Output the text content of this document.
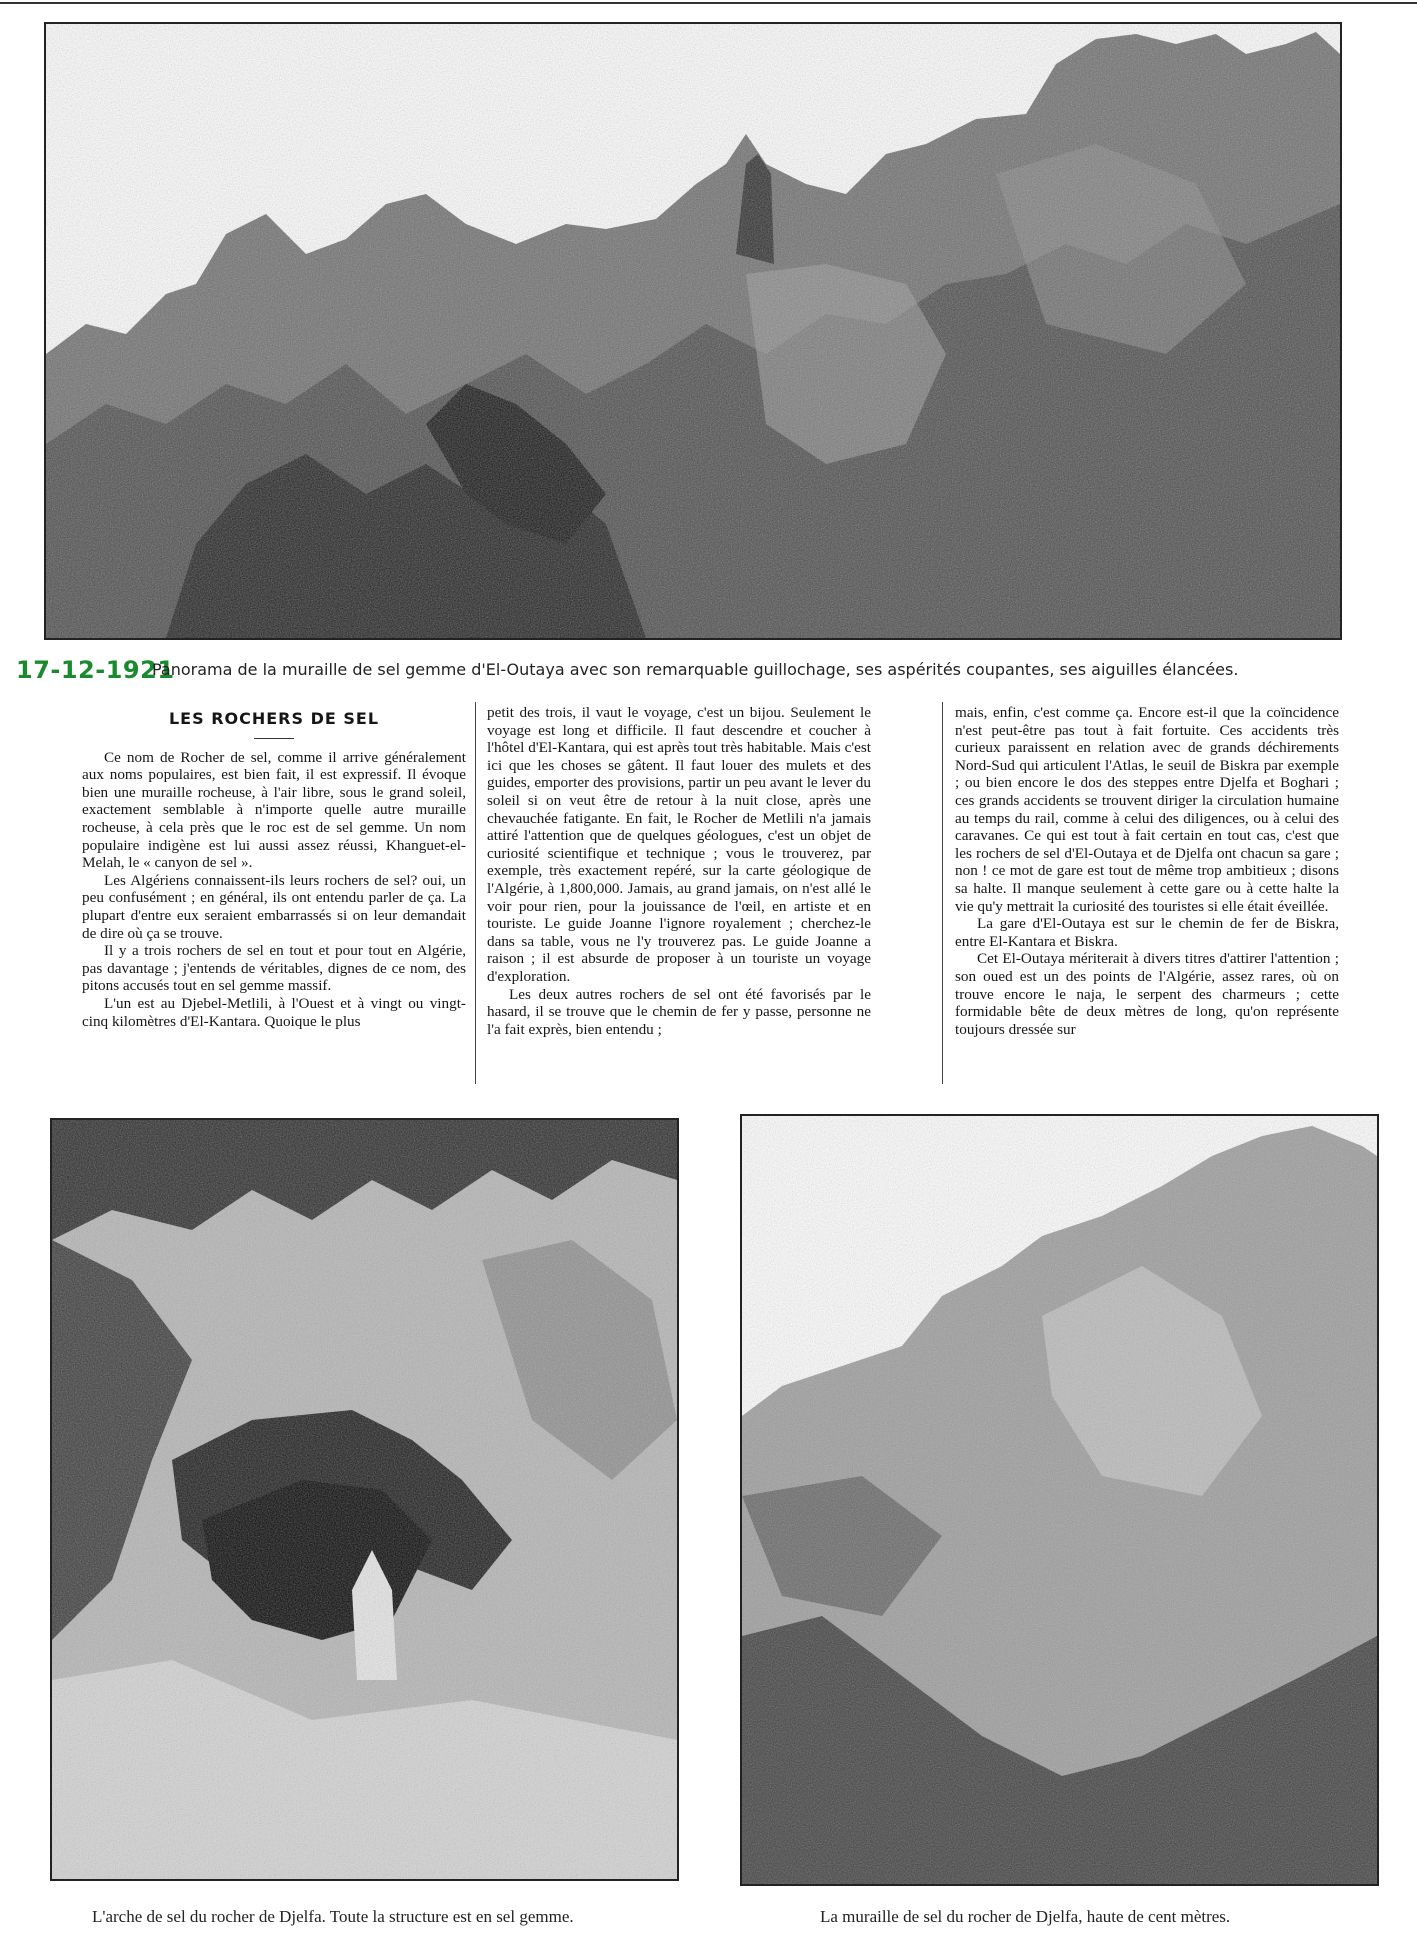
17-12-1921
Panorama de la muraille de sel gemme d'El-Outaya avec son remarquable guillochage, ses aspérités coupantes, ses aiguilles élancées.
LES ROCHERS DE SEL

Ce nom de Rocher de sel, comme il arrive généralement aux noms populaires, est bien fait, il est expressif. Il évoque bien une muraille rocheuse, à l'air libre, sous le grand soleil, exactement semblable à n'importe quelle autre muraille rocheuse, à cela près que le roc est de sel gemme. Un nom populaire indigène est lui aussi assez réussi, Khanguet-el-Melah, le « canyon de sel ».

Les Algériens connaissent-ils leurs rochers de sel? oui, un peu confusément ; en général, ils ont entendu parler de ça. La plupart d'entre eux seraient embarrassés si on leur demandait de dire où ça se trouve.

Il y a trois rochers de sel en tout et pour tout en Algérie, pas davantage ; j'entends de véritables, dignes de ce nom, des pitons accusés tout en sel gemme massif.

L'un est au Djebel-Metlili, à l'Ouest et à vingt ou vingt-cinq kilomètres d'El-Kantara. Quoique le plus

petit des trois, il vaut le voyage, c'est un bijou. Seulement le voyage est long et difficile. Il faut descendre et coucher à l'hôtel d'El-Kantara, qui est après tout très habitable. Mais c'est ici que les choses se gâtent. Il faut louer des mulets et des guides, emporter des provisions, partir un peu avant le lever du soleil si on veut être de retour à la nuit close, après une chevauchée fatigante. En fait, le Rocher de Metlili n'a jamais attiré l'attention que de quelques géologues, c'est un objet de curiosité scientifique et technique ; vous le trouverez, par exemple, très exactement repéré, sur la carte géologique de l'Algérie, à 1,800,000. Jamais, au grand jamais, on n'est allé le voir pour rien, pour la jouissance de l'œil, en artiste et en touriste. Le guide Joanne l'ignore royalement ; cherchez-le dans sa table, vous ne l'y trouverez pas. Le guide Joanne a raison ; il est absurde de proposer à un touriste un voyage d'exploration.

Les deux autres rochers de sel ont été favorisés par le hasard, il se trouve que le chemin de fer y passe, personne ne l'a fait exprès, bien entendu ;

mais, enfin, c'est comme ça. Encore est-il que la coïncidence n'est peut-être pas tout à fait fortuite. Ces accidents très curieux paraissent en relation avec de grands déchirements Nord-Sud qui articulent l'Atlas, le seuil de Biskra par exemple ; ou bien encore le dos des steppes entre Djelfa et Boghari ; ces grands accidents se trouvent diriger la circulation humaine au temps du rail, comme à celui des diligences, ou à celui des caravanes. Ce qui est tout à fait certain en tout cas, c'est que les rochers de sel d'El-Outaya et de Djelfa ont chacun sa gare ; non ! ce mot de gare est tout de même trop ambitieux ; disons sa halte. Il manque seulement à cette gare ou à cette halte la vie qu'y mettrait la curiosité des touristes si elle était éveillée.

La gare d'El-Outaya est sur le chemin de fer de Biskra, entre El-Kantara et Biskra.

Cet El-Outaya mériterait à divers titres d'attirer l'attention ; son oued est un des points de l'Algérie, assez rares, où on trouve encore le naja, le serpent des charmeurs ; cette formidable bête de deux mètres de long, qu'on représente toujours dressée sur

L'arche de sel du rocher de Djelfa. Toute la structure est en sel gemme.	La muraille de sel du rocher de Djelfa, haute de cent mètres.
